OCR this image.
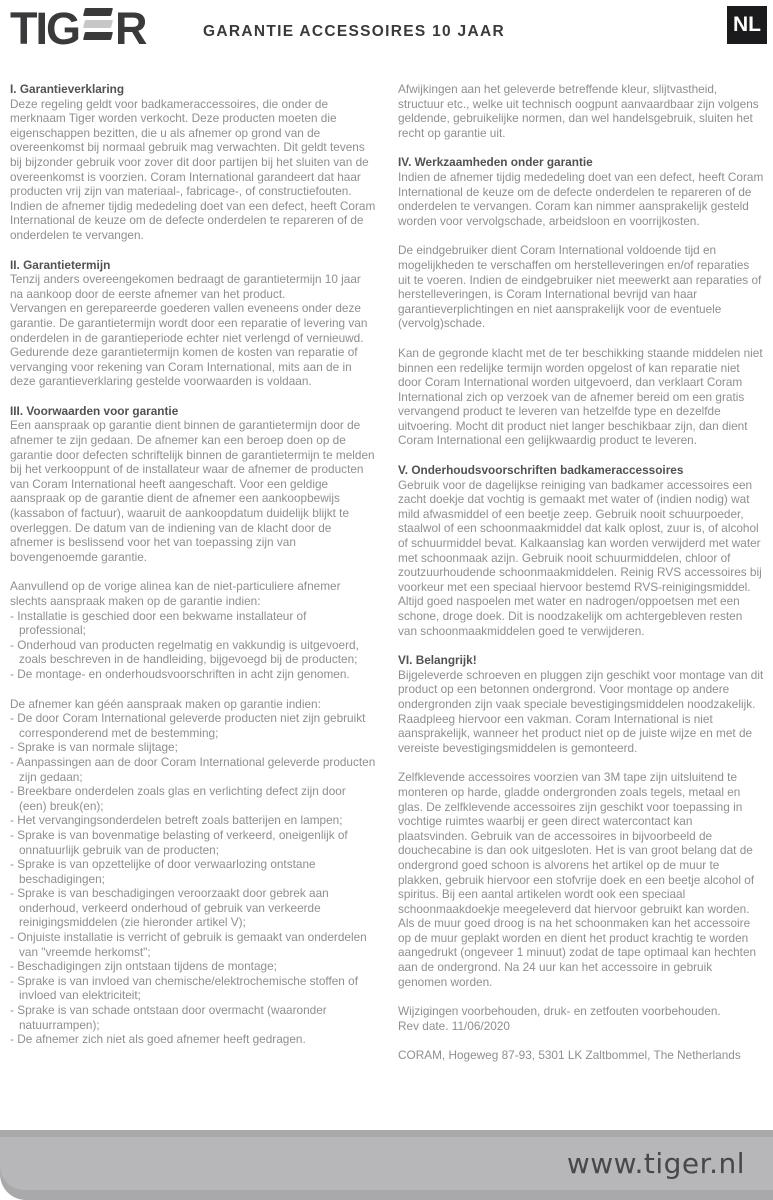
TIG R	GARANTIE ACCESSOIRES 10 JAAR	NL
I. Garantieverklaring
Deze regeling geldt voor badkameraccessoires, die onder de merknaam Tiger worden verkocht. Deze producten moeten die eigenschappen bezitten, die u als afnemer op grond van de overeenkomst bij normaal gebruik mag verwachten. Dit geldt tevens bij bijzonder gebruik voor zover dit door partijen bij het sluiten van de overeenkomst is voorzien. Coram International garandeert dat haar producten vrij zijn van materiaal-, fabricage-, of constructiefouten. Indien de afnemer tijdig mededeling doet van een defect, heeft Coram International de keuze om de defecte onderdelen te repareren of de onderdelen te vervangen.
II. Garantietermijn
Tenzij anders overeengekomen bedraagt de garantietermijn 10 jaar na aankoop door de eerste afnemer van het product.
Vervangen en gerepareerde goederen vallen eveneens onder deze garantie. De garantietermijn wordt door een reparatie of levering van onderdelen in de garantieperiode echter niet verlengd of vernieuwd.
Gedurende deze garantietermijn komen de kosten van reparatie of vervanging voor rekening van Coram International, mits aan de in deze garantieverklaring gestelde voorwaarden is voldaan.
III. Voorwaarden voor garantie
Een aanspraak op garantie dient binnen de garantietermijn door de afnemer te zijn gedaan. De afnemer kan een beroep doen op de garantie door defecten schriftelijk binnen de garantietermijn te melden bij het verkooppunt of de installateur waar de afnemer de producten van Coram International heeft aangeschaft. Voor een geldige aanspraak op de garantie dient de afnemer een aankoopbewijs (kassabon of factuur), waaruit de aankoopdatum duidelijk blijkt te overleggen. De datum van de indiening van de klacht door de afnemer is beslissend voor het van toepassing zijn van bovengenoemde garantie.
Aanvullend op de vorige alinea kan de niet-particuliere afnemer slechts aanspraak maken op de garantie indien:
- Installatie is geschied door een bekwame installateur of professional;
- Onderhoud van producten regelmatig en vakkundig is uitgevoerd, zoals beschreven in de handleiding, bijgevoegd bij de producten;
- De montage- en onderhoudsvoorschriften in acht zijn genomen.
De afnemer kan géén aanspraak maken op garantie indien:
- De door Coram International geleverde producten niet zijn gebruikt corresponderend met de bestemming;
- Sprake is van normale slijtage;
- Aanpassingen aan de door Coram International geleverde producten zijn gedaan;
- Breekbare onderdelen zoals glas en verlichting defect zijn door (een) breuk(en);
- Het vervangingsonderdelen betreft zoals batterijen en lampen;
- Sprake is van bovenmatige belasting of verkeerd, oneigenlijk of onnatuurlijk gebruik van de producten;
- Sprake is van opzettelijke of door verwaarlozing ontstane beschadigingen;
- Sprake is van beschadigingen veroorzaakt door gebrek aan onderhoud, verkeerd onderhoud of gebruik van verkeerde reinigingsmiddelen (zie hieronder artikel V);
- Onjuiste installatie is verricht of gebruik is gemaakt van onderdelen van "vreemde herkomst";
- Beschadigingen zijn ontstaan tijdens de montage;
- Sprake is van invloed van chemische/elektrochemische stoffen of invloed van elektriciteit;
- Sprake is van schade ontstaan door overmacht (waaronder natuurrampen);
- De afnemer zich niet als goed afnemer heeft gedragen.
Afwijkingen aan het geleverde betreffende kleur, slijtvastheid, structuur etc., welke uit technisch oogpunt aanvaardbaar zijn volgens geldende, gebruikelijke normen, dan wel handelsgebruik, sluiten het recht op garantie uit.
IV. Werkzaamheden onder garantie
Indien de afnemer tijdig mededeling doet van een defect, heeft Coram International de keuze om de defecte onderdelen te repareren of de onderdelen te vervangen. Coram kan nimmer aansprakelijk gesteld worden voor vervolgschade, arbeidsloon en voorrijkosten.
De eindgebruiker dient Coram International voldoende tijd en mogelijkheden te verschaffen om herstelleveringen en/of reparaties uit te voeren. Indien de eindgebruiker niet meewerkt aan reparaties of herstelleveringen, is Coram International bevrijd van haar garantieverplichtingen en niet aansprakelijk voor de eventuele (vervolg)schade.
Kan de gegronde klacht met de ter beschikking staande middelen niet binnen een redelijke termijn worden opgelost of kan reparatie niet door Coram International worden uitgevoerd, dan verklaart Coram International zich op verzoek van de afnemer bereid om een gratis vervangend product te leveren van hetzelfde type en dezelfde uitvoering. Mocht dit product niet langer beschikbaar zijn, dan dient Coram International een gelijkwaardig product te leveren.
V. Onderhoudsvoorschriften badkameraccessoires
Gebruik voor de dagelijkse reiniging van badkamer accessoires een zacht doekje dat vochtig is gemaakt met water of (indien nodig) wat mild afwasmiddel of een beetje zeep. Gebruik nooit schuurpoeder, staalwol of een schoonmaakmiddel dat kalk oplost, zuur is, of alcohol of schuurmiddel bevat. Kalkaanslag kan worden verwijderd met water met schoonmaak azijn. Gebruik nooit schuurmiddelen, chloor of zoutzuurhoudende schoonmaakmiddelen. Reinig RVS accessoires bij voorkeur met een speciaal hiervoor bestemd RVS-reinigingsmiddel. Altijd goed naspoelen met water en nadrogen/oppoetsen met een schone, droge doek. Dit is noodzakelijk om achtergebleven resten van schoonmaakmiddelen goed te verwijderen.
VI. Belangrijk!
Bijgeleverde schroeven en pluggen zijn geschikt voor montage van dit product op een betonnen ondergrond. Voor montage op andere ondergronden zijn vaak speciale bevestigingsmiddelen noodzakelijk. Raadpleeg hiervoor een vakman. Coram International is niet aansprakelijk, wanneer het product niet op de juiste wijze en met de vereiste bevestigingsmiddelen is gemonteerd.
Zelfklevende accessoires voorzien van 3M tape zijn uitsluitend te monteren op harde, gladde ondergronden zoals tegels, metaal en glas. De zelfklevende accessoires zijn geschikt voor toepassing in vochtige ruimtes waarbij er geen direct watercontact kan plaatsvinden. Gebruik van de accessoires in bijvoorbeeld de douchecabine is dan ook uitgesloten. Het is van groot belang dat de ondergrond goed schoon is alvorens het artikel op de muur te plakken, gebruik hiervoor een stofvrije doek en een beetje alcohol of spiritus. Bij een aantal artikelen wordt ook een speciaal schoonmaakdoekje meegeleverd dat hiervoor gebruikt kan worden. Als de muur goed droog is na het schoonmaken kan het accessoire op de muur geplakt worden en dient het product krachtig te worden aangedrukt (ongeveer 1 minuut) zodat de tape optimaal kan hechten aan de ondergrond. Na 24 uur kan het accessoire in gebruik genomen worden.
Wijzigingen voorbehouden, druk- en zetfouten voorbehouden.
Rev date. 11/06/2020
CORAM, Hogeweg 87-93, 5301 LK Zaltbommel, The Netherlands
www.tiger.nl
